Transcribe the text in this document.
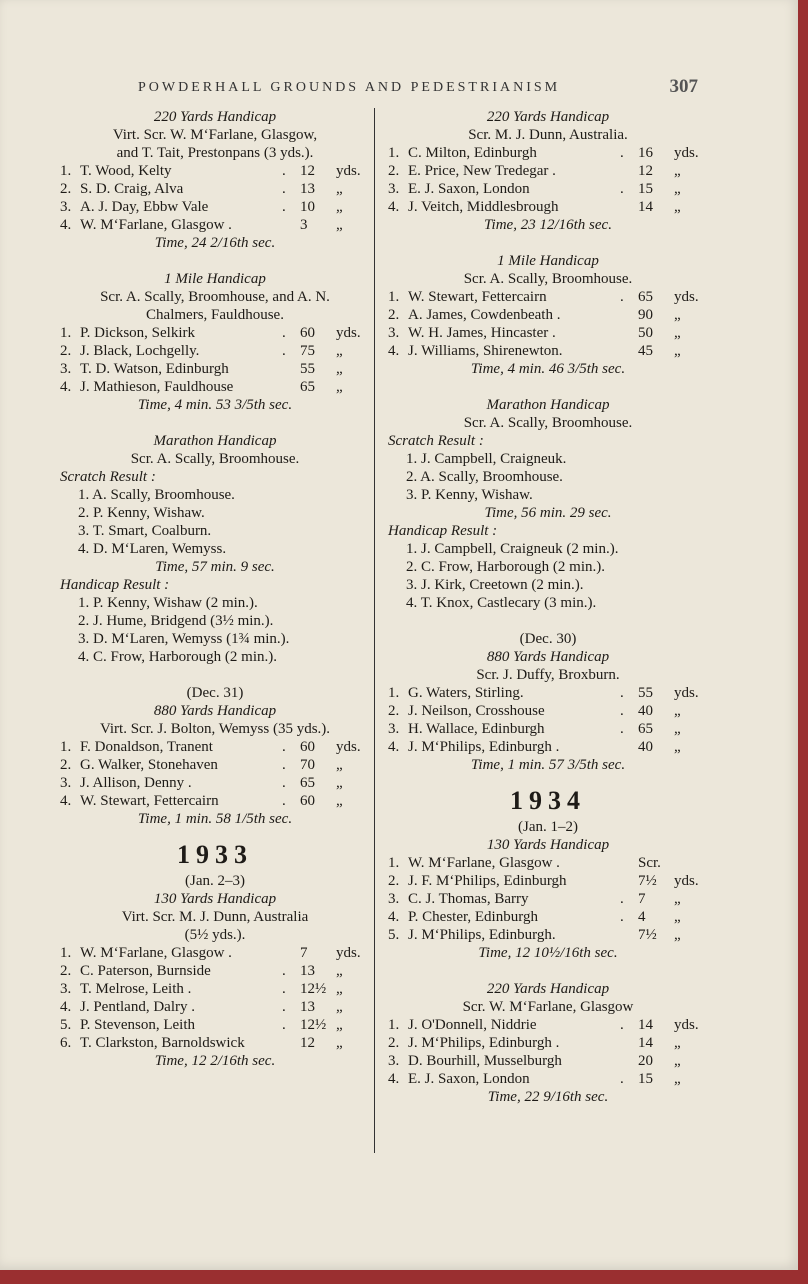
POWDERHALL GROUNDS AND PEDESTRIANISM	307
220 Yards Handicap
Virt. Scr. W. M‘Farlane, Glasgow,
and T. Tait, Prestonpans (3 yds.).
1. T. Wood, Kelty	. 12	yds.
2. S. D. Craig, Alva	. 13	„
3. A. J. Day, Ebbw Vale	. 10	„
4. W. M‘Farlane, Glasgow .	3	„
Time, 24 2/16th sec.
1 Mile Handicap
Scr. A. Scally, Broomhouse, and A. N.
Chalmers, Fauldhouse.
1. P. Dickson, Selkirk	. 60	yds.
2. J. Black, Lochgelly.	. 75	„
3. T. D. Watson, Edinburgh	55	„
4. J. Mathieson, Fauldhouse	65	„
Time, 4 min. 53 3/5th sec.
Marathon Handicap
Scr. A. Scally, Broomhouse.
Scratch Result :
1. A. Scally, Broomhouse.
2. P. Kenny, Wishaw.
3. T. Smart, Coalburn.
4. D. M‘Laren, Wemyss.
Time, 57 min. 9 sec.
Handicap Result :
1. P. Kenny, Wishaw (2 min.).
2. J. Hume, Bridgend (3½ min.).
3. D. M‘Laren, Wemyss (1¾ min.).
4. C. Frow, Harborough (2 min.).
(Dec. 31)
880 Yards Handicap
Virt. Scr. J. Bolton, Wemyss (35 yds.).
1. F. Donaldson, Tranent	. 60	yds.
2. G. Walker, Stonehaven	. 70	„
3. J. Allison, Denny .	. 65	„
4. W. Stewart, Fettercairn	. 60	„
Time, 1 min. 58 1/5th sec.
1933
(Jan. 2–3)
130 Yards Handicap
Virt. Scr. M. J. Dunn, Australia
(5½ yds.).
1. W. M‘Farlane, Glasgow .	7	yds.
2. C. Paterson, Burnside	. 13	„
3. T. Melrose, Leith .	. 12½ „
4. J. Pentland, Dalry .	. 13	„
5. P. Stevenson, Leith	. 12½ „
6. T. Clarkston, Barnoldswick	12	„
Time, 12 2/16th sec.
220 Yards Handicap
Scr. M. J. Dunn, Australia.
1. C. Milton, Edinburgh	. 16	yds.
2. E. Price, New Tredegar .	12	„
3. E. J. Saxon, London	. 15	„
4. J. Veitch, Middlesbrough	14	„
Time, 23 12/16th sec.
1 Mile Handicap
Scr. A. Scally, Broomhouse.
1. W. Stewart, Fettercairn	. 65	yds.
2. A. James, Cowdenbeath .	90	„
3. W. H. James, Hincaster .	50	„
4. J. Williams, Shirenewton.	45	„
Time, 4 min. 46 3/5th sec.
Marathon Handicap
Scr. A. Scally, Broomhouse.
Scratch Result :
1. J. Campbell, Craigneuk.
2. A. Scally, Broomhouse.
3. P. Kenny, Wishaw.
Time, 56 min. 29 sec.
Handicap Result :
1. J. Campbell, Craigneuk (2 min.).
2. C. Frow, Harborough (2 min.).
3. J. Kirk, Creetown (2 min.).
4. T. Knox, Castlecary (3 min.).
(Dec. 30)
880 Yards Handicap
Scr. J. Duffy, Broxburn.
1. G. Waters, Stirling.	. 55	yds.
2. J. Neilson, Crosshouse	. 40	„
3. H. Wallace, Edinburgh	. 65	„
4. J. M‘Philips, Edinburgh .	40	„
Time, 1 min. 57 3/5th sec.
1934
(Jan. 1–2)
130 Yards Handicap
1. W. M‘Farlane, Glasgow .	Scr.
2. J. F. M‘Philips, Edinburgh	7½	yds.
3. C. J. Thomas, Barry	. 7	„
4. P. Chester, Edinburgh	. 4	„
5. J. M‘Philips, Edinburgh.	7½	„
Time, 12 10½/16th sec.
220 Yards Handicap
Scr. W. M‘Farlane, Glasgow
1. J. O'Donnell, Niddrie	. 14	yds.
2. J. M‘Philips, Edinburgh .	14	„
3. D. Bourhill, Musselburgh	20	„
4. E. J. Saxon, London	. 15	„
Time, 22 9/16th sec.
